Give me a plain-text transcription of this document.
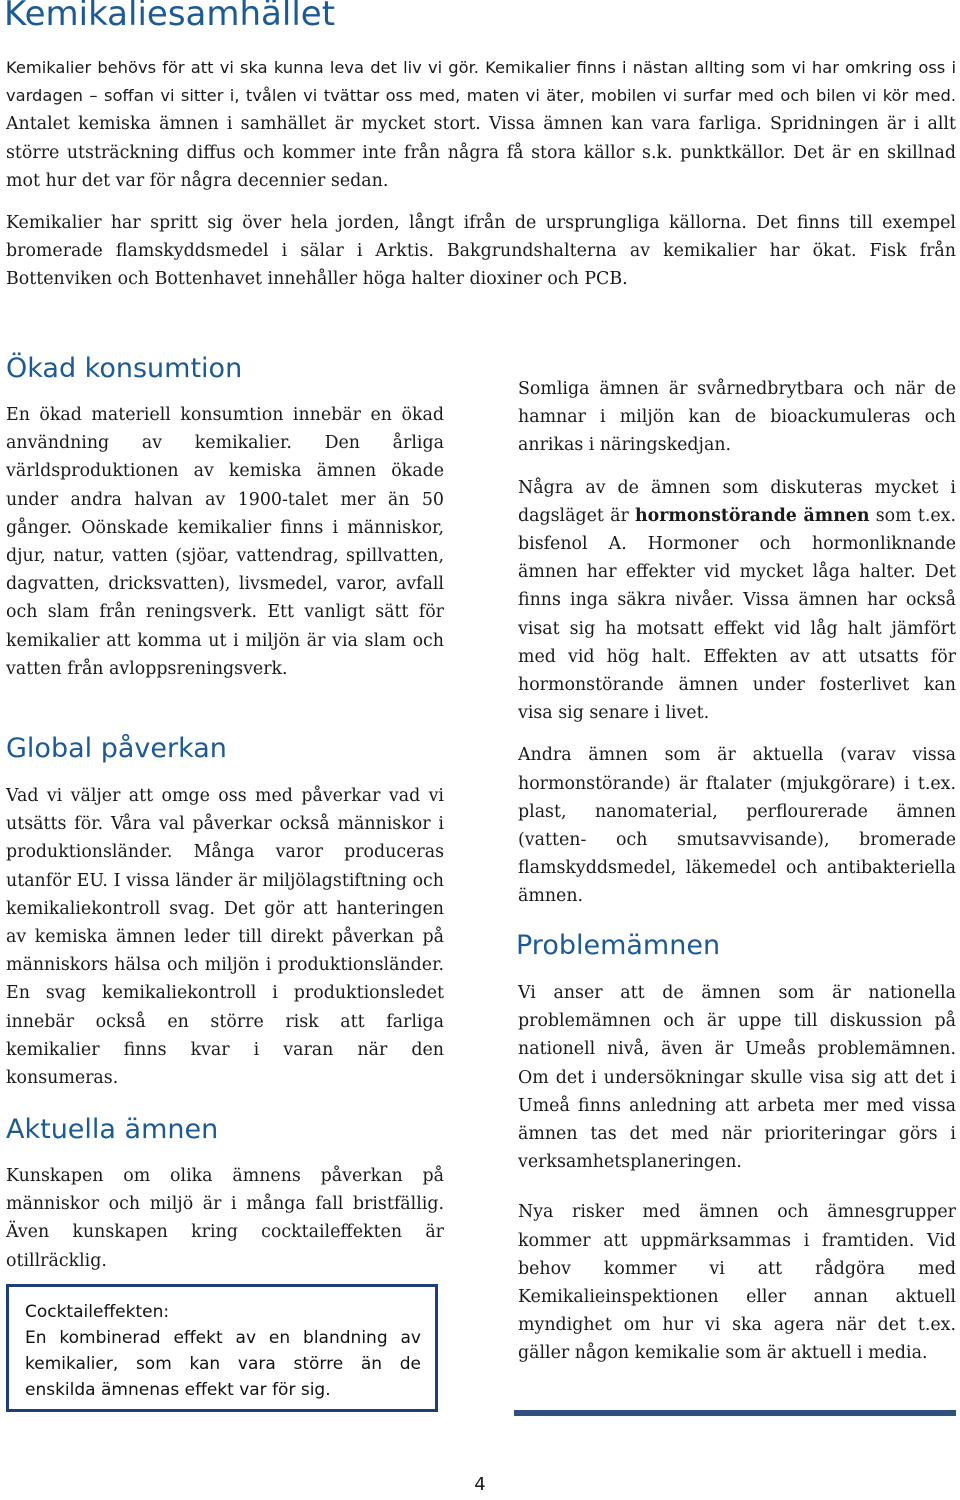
Kemikaliesamhället

Kemikalier behövs för att vi ska kunna leva det liv vi gör. Kemikalier finns i nästan allting som vi har omkring oss i vardagen – soffan vi sitter i, tvålen vi tvättar oss med, maten vi äter, mobilen vi surfar med och bilen vi kör med. Antalet kemiska ämnen i samhället är mycket stort. Vissa ämnen kan vara farliga. Spridningen är i allt större utsträckning diffus och kommer inte från några få stora källor s.k. punktkällor. Det är en skillnad mot hur det var för några decennier sedan.

Kemikalier har spritt sig över hela jorden, långt ifrån de ursprungliga källorna. Det finns till exempel bromerade flamskyddsmedel i sälar i Arktis. Bakgrundshalterna av kemikalier har ökat. Fisk från Bottenviken och Bottenhavet innehåller höga halter dioxiner och PCB.

Ökad konsumtion

En ökad materiell konsumtion innebär en ökad användning av kemikalier. Den årliga världsproduktionen av kemiska ämnen ökade under andra halvan av 1900-talet mer än 50 gånger. Oönskade kemikalier finns i människor, djur, natur, vatten (sjöar, vattendrag, spillvatten, dagvatten, dricksvatten), livsmedel, varor, avfall och slam från reningsverk. Ett vanligt sätt för kemikalier att komma ut i miljön är via slam och vatten från avloppsreningsverk.

Global påverkan

Vad vi väljer att omge oss med påverkar vad vi utsätts för. Våra val påverkar också människor i produktionsländer. Många varor produceras utanför EU. I vissa länder är miljölagstiftning och kemikaliekontroll svag. Det gör att hanteringen av kemiska ämnen leder till direkt påverkan på människors hälsa och miljön i produktionsländer. En svag kemikaliekontroll i produktionsledet innebär också en större risk att farliga kemikalier finns kvar i varan när den konsumeras.

Aktuella ämnen

Kunskapen om olika ämnens påverkan på människor och miljö är i många fall bristfällig. Även kunskapen kring cocktaileffekten är otillräcklig.

Cocktaileffekten:
En kombinerad effekt av en blandning av kemikalier, som kan vara större än de enskilda ämnenas effekt var för sig.

Somliga ämnen är svårnedbrytbara och när de hamnar i miljön kan de bioackumuleras och anrikas i näringskedjan.

Några av de ämnen som diskuteras mycket i dagsläget är hormonstörande ämnen som t.ex. bisfenol A. Hormoner och hormonliknande ämnen har effekter vid mycket låga halter. Det finns inga säkra nivåer. Vissa ämnen har också visat sig ha motsatt effekt vid låg halt jämfört med vid hög halt. Effekten av att utsatts för hormonstörande ämnen under fosterlivet kan visa sig senare i livet.

Andra ämnen som är aktuella (varav vissa hormonstörande) är ftalater (mjukgörare) i t.ex. plast, nanomaterial, perflourerade ämnen (vatten- och smutsavvisande), bromerade flamskyddsmedel, läkemedel och antibakteriella ämnen.

Problemämnen

Vi anser att de ämnen som är nationella problemämnen och är uppe till diskussion på nationell nivå, även är Umeås problemämnen. Om det i undersökningar skulle visa sig att det i Umeå finns anledning att arbeta mer med vissa ämnen tas det med när prioriteringar görs i verksamhetsplaneringen.

Nya risker med ämnen och ämnesgrupper kommer att uppmärksammas i framtiden. Vid behov kommer vi att rådgöra med Kemikalieinspektionen eller annan aktuell myndighet om hur vi ska agera när det t.ex. gäller någon kemikalie som är aktuell i media.

4
